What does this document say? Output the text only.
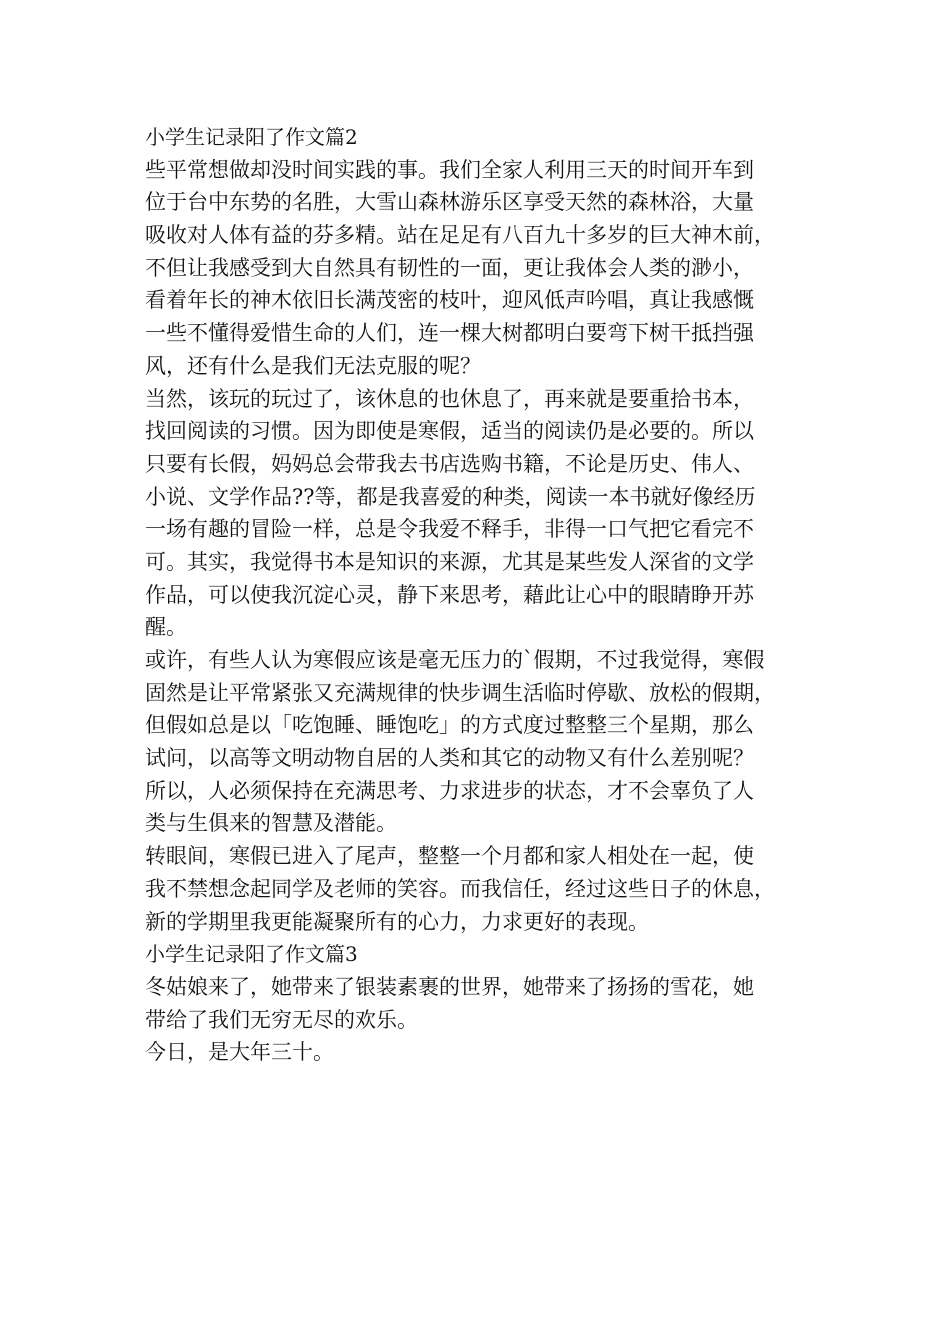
小学生记录阳了作文篇2
些平常想做却没时间实践的事。我们全家人利用三天的时间开车到
位于台中东势的名胜，大雪山森林游乐区享受天然的森林浴，大量
吸收对人体有益的芬多精。站在足足有八百九十多岁的巨大神木前，
不但让我感受到大自然具有韧性的一面，更让我体会人类的渺小，
看着年长的神木依旧长满茂密的枝叶，迎风低声吟唱，真让我感慨
一些不懂得爱惜生命的人们，连一棵大树都明白要弯下树干抵挡强
风，还有什么是我们无法克服的呢？
当然，该玩的玩过了，该休息的也休息了，再来就是要重拾书本，
找回阅读的习惯。因为即使是寒假，适当的阅读仍是必要的。所以
只要有长假，妈妈总会带我去书店选购书籍，不论是历史、伟人、
小说、文学作品??等，都是我喜爱的种类，阅读一本书就好像经历
一场有趣的冒险一样，总是令我爱不释手，非得一口气把它看完不
可。其实，我觉得书本是知识的来源，尤其是某些发人深省的文学
作品，可以使我沉淀心灵，静下来思考，藉此让心中的眼睛睁开苏
醒。
或许，有些人认为寒假应该是毫无压力的`假期，不过我觉得，寒假
固然是让平常紧张又充满规律的快步调生活临时停歇、放松的假期，
但假如总是以「吃饱睡、睡饱吃」的方式度过整整三个星期，那么
试问，以高等文明动物自居的人类和其它的动物又有什么差别呢？
所以，人必须保持在充满思考、力求进步的状态，才不会辜负了人
类与生俱来的智慧及潜能。
转眼间，寒假已进入了尾声，整整一个月都和家人相处在一起，使
我不禁想念起同学及老师的笑容。而我信任，经过这些日子的休息，
新的学期里我更能凝聚所有的心力，力求更好的表现。
小学生记录阳了作文篇3
冬姑娘来了，她带来了银装素裹的世界，她带来了扬扬的雪花，她
带给了我们无穷无尽的欢乐。
今日，是大年三十。
